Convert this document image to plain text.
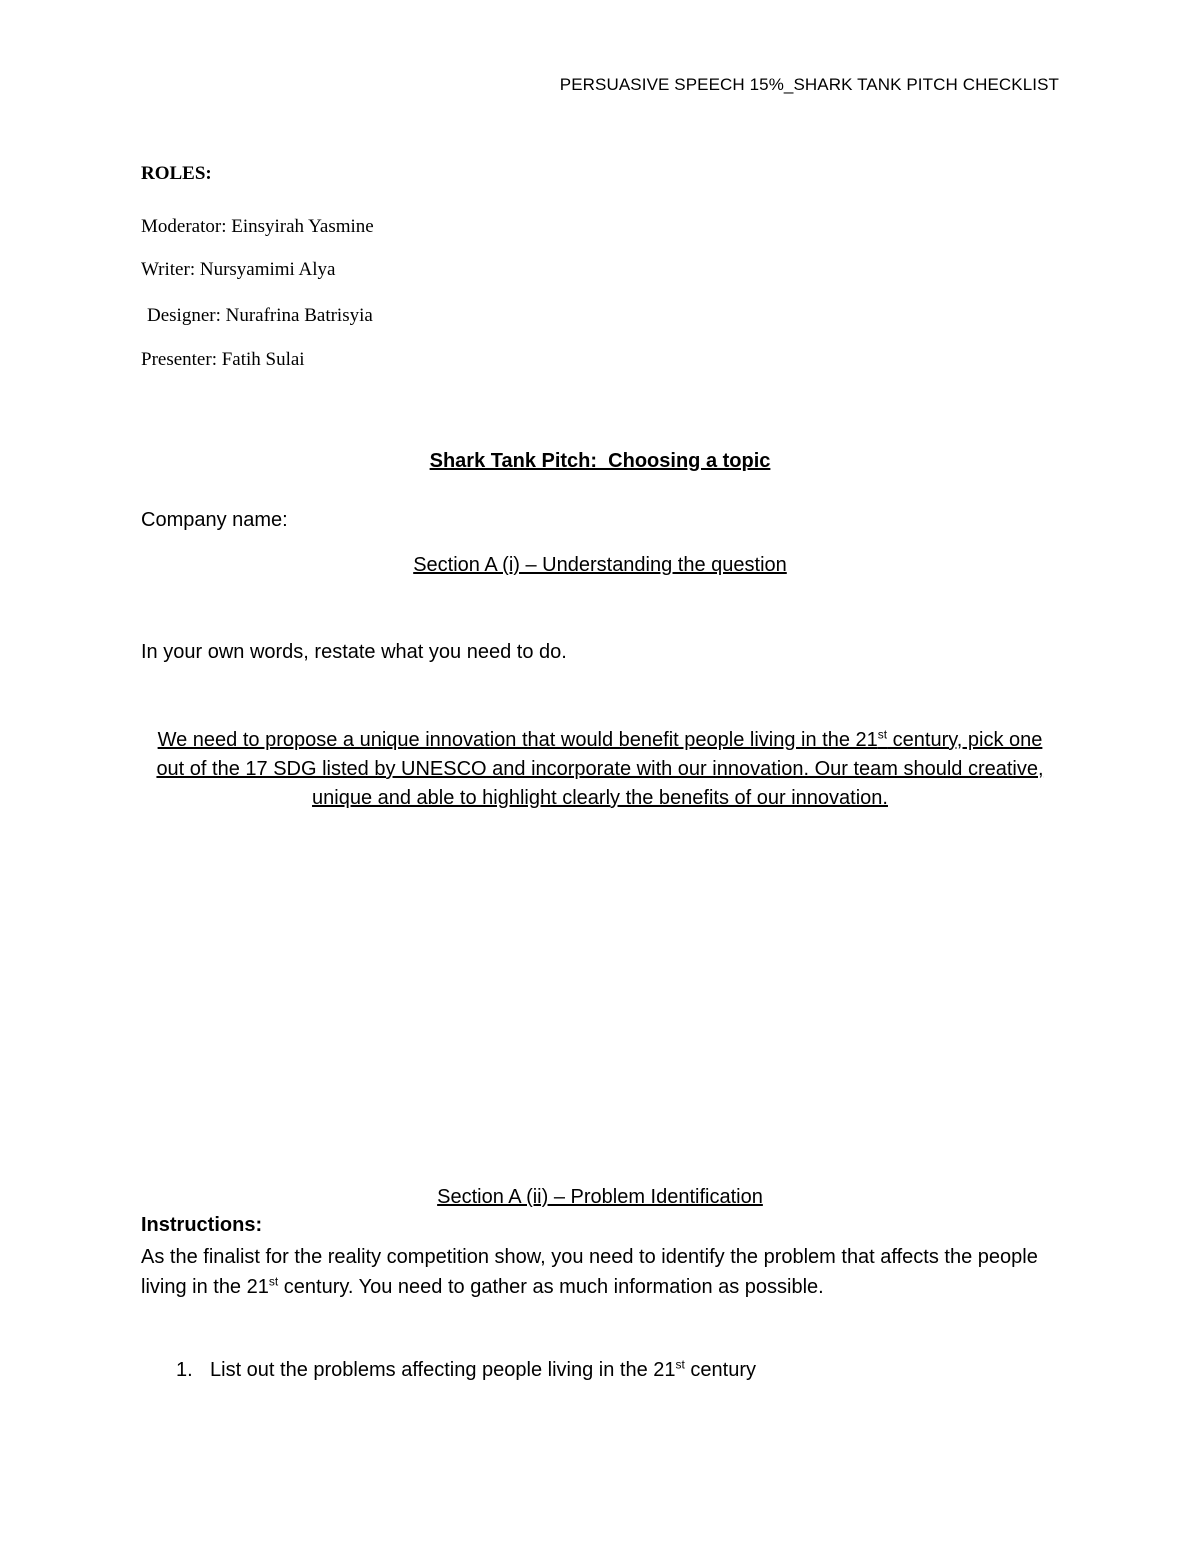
PERSUASIVE SPEECH 15%_SHARK TANK PITCH CHECKLIST
ROLES:
Moderator: Einsyirah Yasmine
Writer: Nursyamimi Alya
Designer: Nurafrina Batrisyia
Presenter: Fatih Sulai
Shark Tank Pitch:  Choosing a topic
Company name:
Section A (i) – Understanding the question
In your own words, restate what you need to do.
We need to propose a unique innovation that would benefit people living in the 21st century, pick one out of the 17 SDG listed by UNESCO and incorporate with our innovation. Our team should creative, unique and able to highlight clearly the benefits of our innovation.
Section A (ii) – Problem Identification
Instructions:
As the finalist for the reality competition show, you need to identify the problem that affects the people living in the 21st century. You need to gather as much information as possible.
1. List out the problems affecting people living in the 21st century
